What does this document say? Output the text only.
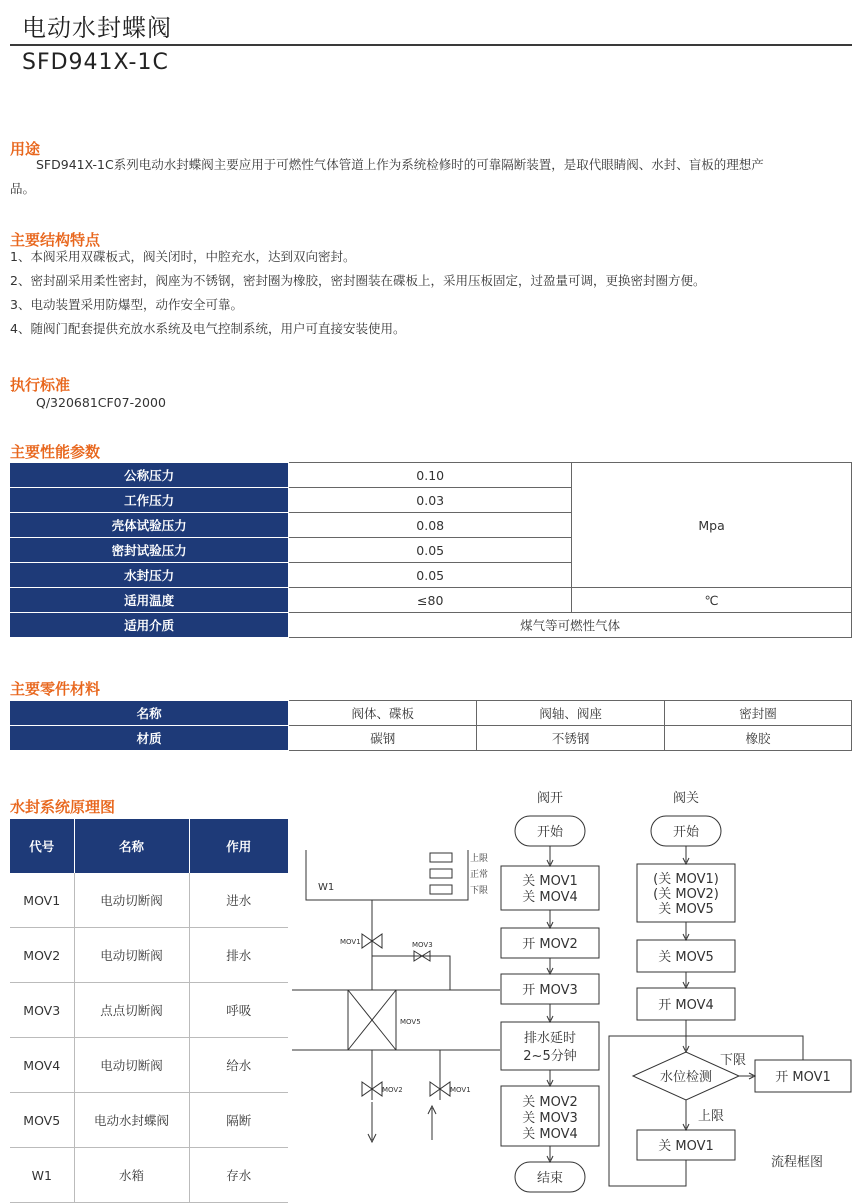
电动水封蝶阀
SFD941X-1C
用途
SFD941X-1C系列电动水封蝶阀主要应用于可燃性气体管道上作为系统检修时的可靠隔断装置，是取代眼睛阀、水封、盲板的理想产
品。
主要结构特点
1、本阀采用双碟板式，阀关闭时，中腔充水，达到双向密封。
2、密封副采用柔性密封，阀座为不锈钢，密封圈为橡胶，密封圈装在碟板上，采用压板固定，过盈量可调，更换密封圈方便。
3、电动装置采用防爆型，动作安全可靠。
4、随阀门配套提供充放水系统及电气控制系统，用户可直接安装使用。
执行标准
Q/320681CF07-2000
主要性能参数
公称压力	0.10	Mpa
工作压力	0.03	
壳体试验压力	0.08	
密封试验压力	0.05	
水封压力	0.05	
适用温度	≤80	℃
适用介质	煤气等可燃性气体	
主要零件材料
名称	阀体、碟板	阀轴、阀座	密封圈
材质	碳钢	不锈钢	橡胶
水封系统原理图
代号	名称	作用
MOV1	电动切断阀	进水
MOV2	电动切断阀	排水
MOV3	点点切断阀	呼吸
MOV4	电动切断阀	给水
MOV5	电动水封蝶阀	隔断
W1	水箱	存水
W1
上限
正常
下限
MOV1	MOV3
MOV5
MOV2	MOV1
阀开
开始
关 MOV1
关 MOV4
开 MOV2
开 MOV3
排水延时
2~5分钟
关 MOV2
关 MOV3
关 MOV4
结束
阀关
开始
(关 MOV1)
(关 MOV2)
关 MOV5
关 MOV5
开 MOV4
水位检测
下限
开 MOV1
上限
关 MOV1
流程框图
